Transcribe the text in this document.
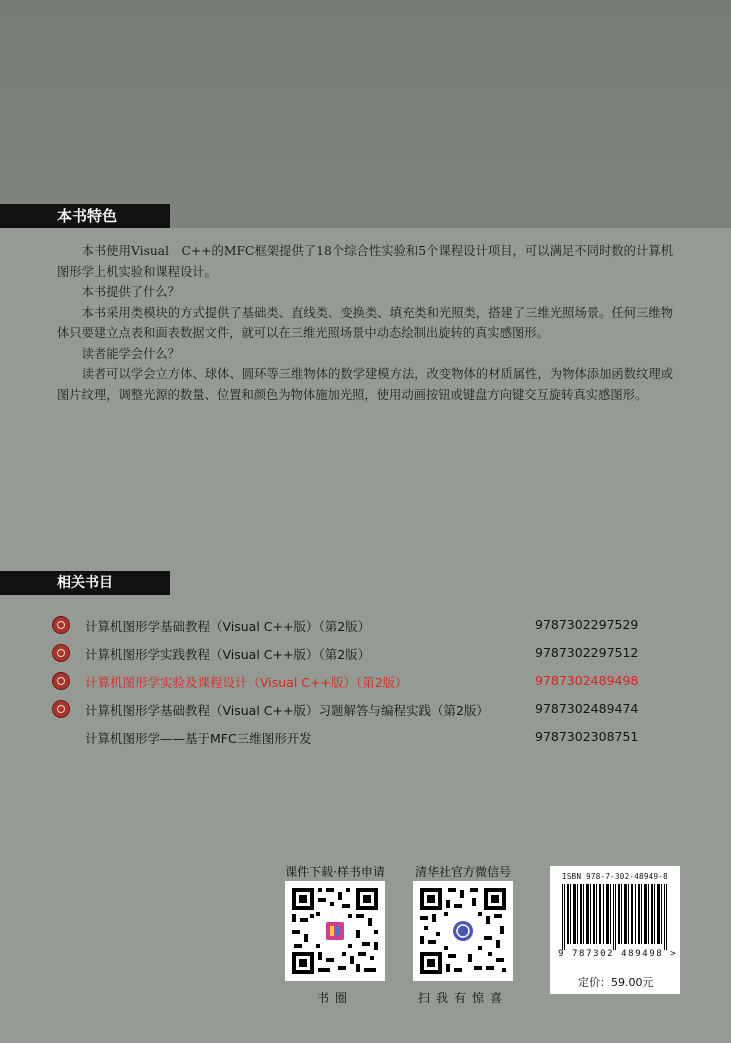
本书特色

本书使用Visual　C++的MFC框架提供了18个综合性实验和5个课程设计项目，可以满足不同时数的计算机图形学上机实验和课程设计。

本书提供了什么？

本书采用类模块的方式提供了基础类、直线类、变换类、填充类和光照类，搭建了三维光照场景。任何三维物体只要建立点表和面表数据文件，就可以在三维光照场景中动态绘制出旋转的真实感图形。

读者能学会什么？

读者可以学会立方体、球体、圆环等三维物体的数学建模方法，改变物体的材质属性，为物体添加函数纹理或图片纹理，调整光源的数量、位置和颜色为物体施加光照，使用动画按钮或键盘方向键交互旋转真实感图形。

相关书目
计算机图形学基础教程（Visual C++版）（第2版）	9787302297529
计算机图形学实践教程（Visual C++版）（第2版）	9787302297512
计算机图形学实验及课程设计（Visual C++版）（第2版）	9787302489498
计算机图形学基础教程（Visual C++版）习题解答与编程实践（第2版）	9787302489474
计算机图形学——基于MFC三维图形开发	9787302308751
课件下载·样书申请
书圈
清华社官方微信号
扫我有惊喜
ISBN 978-7-302-48949-8
9 787302 489498 >
定价：59.00元
